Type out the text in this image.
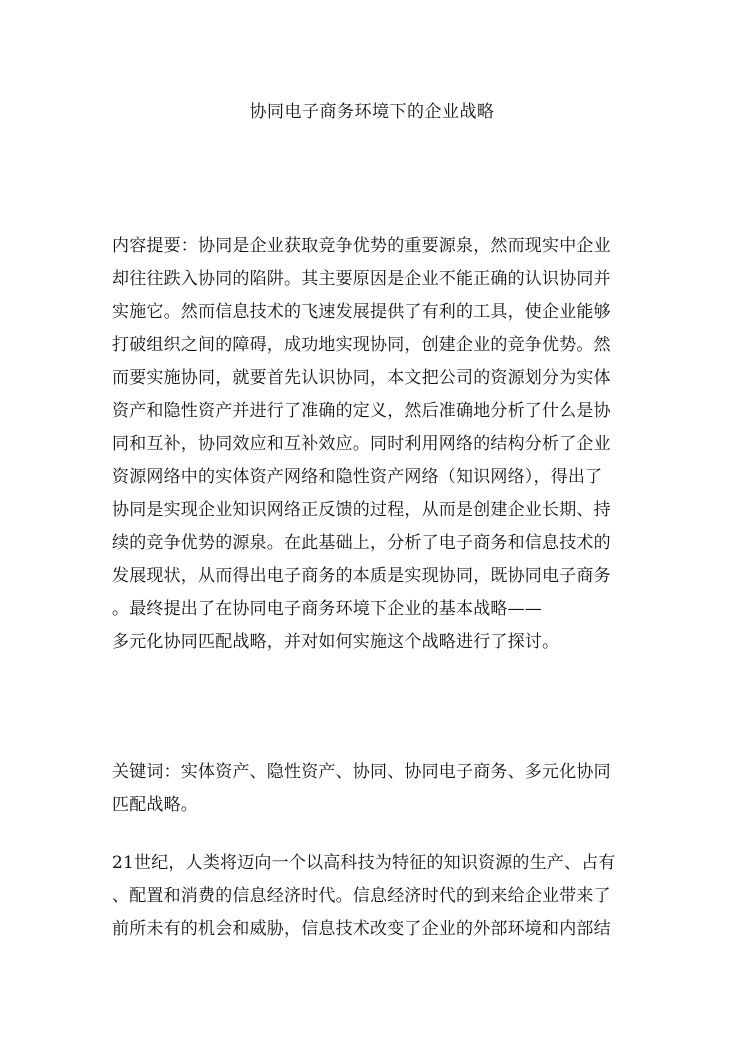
协同电子商务环境下的企业战略
内容提要：协同是企业获取竞争优势的重要源泉，然而现实中企业
却往往跌入协同的陷阱。其主要原因是企业不能正确的认识协同并
实施它。然而信息技术的飞速发展提供了有利的工具，使企业能够
打破组织之间的障碍，成功地实现协同，创建企业的竞争优势。然
而要实施协同，就要首先认识协同，本文把公司的资源划分为实体
资产和隐性资产并进行了准确的定义，然后准确地分析了什么是协
同和互补，协同效应和互补效应。同时利用网络的结构分析了企业
资源网络中的实体资产网络和隐性资产网络（知识网络），得出了
协同是实现企业知识网络正反馈的过程，从而是创建企业长期、持
续的竞争优势的源泉。在此基础上，分析了电子商务和信息技术的
发展现状，从而得出电子商务的本质是实现协同，既协同电子商务
。最终提出了在协同电子商务环境下企业的基本战略——
多元化协同匹配战略，并对如何实施这个战略进行了探讨。
关键词：实体资产、隐性资产、协同、协同电子商务、多元化协同
匹配战略。
21世纪，人类将迈向一个以高科技为特征的知识资源的生产、占有
、配置和消费的信息经济时代。信息经济时代的到来给企业带来了
前所未有的机会和威胁，信息技术改变了企业的外部环境和内部结
